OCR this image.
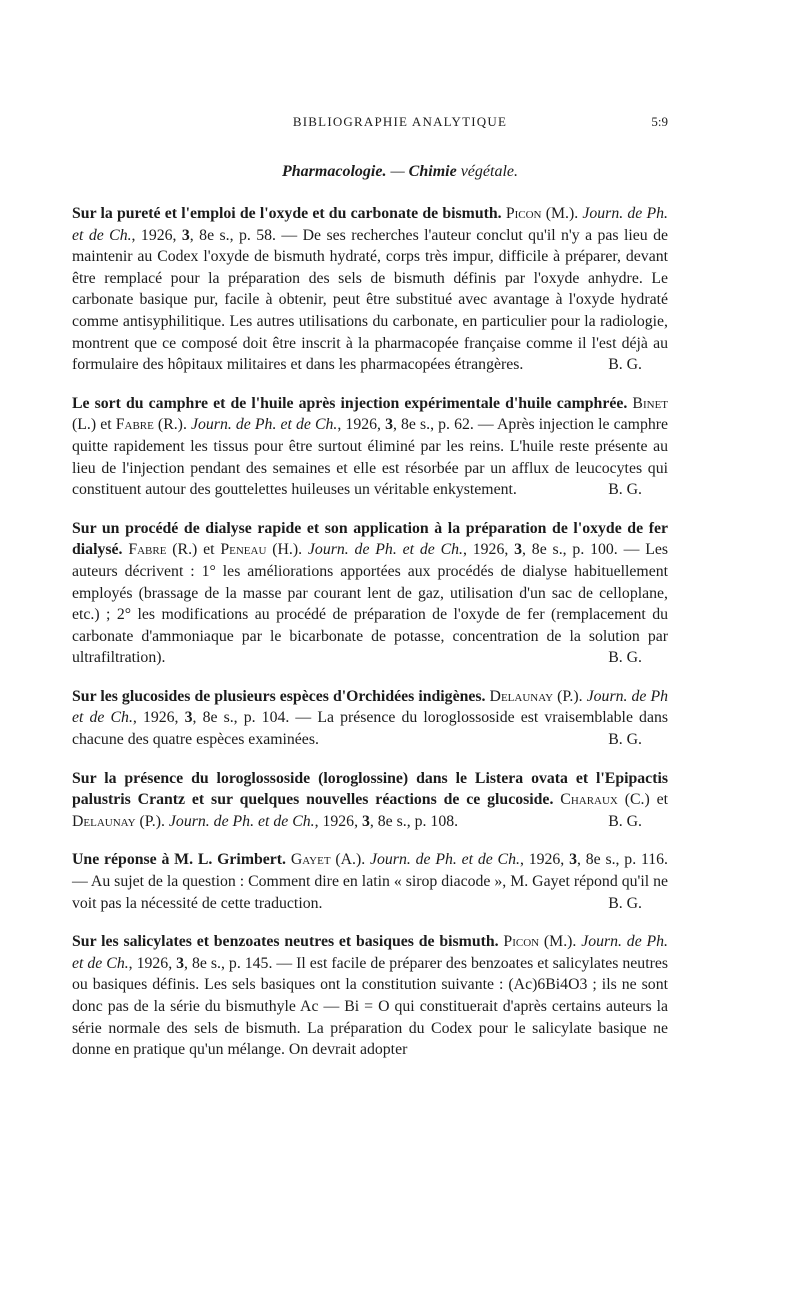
BIBLIOGRAPHIE ANALYTIQUE	5:9
Pharmacologie. — Chimie végétale.

Sur la pureté et l'emploi de l'oxyde et du carbonate de bismuth. Picon (M.). Journ. de Ph. et de Ch., 1926, 3, 8e s., p. 58. — De ses recherches l'auteur conclut qu'il n'y a pas lieu de maintenir au Codex l'oxyde de bismuth hydraté, corps très impur, difficile à préparer, devant être remplacé pour la préparation des sels de bismuth définis par l'oxyde anhydre. Le carbonate basique pur, facile à obtenir, peut être substitué avec avantage à l'oxyde hydraté comme antisyphilitique. Les autres utilisations du carbonate, en particulier pour la radiologie, montrent que ce composé doit être inscrit à la pharmacopée française comme il l'est déjà au formulaire des hôpitaux militaires et dans les pharmacopées étrangères.	B. G.

Le sort du camphre et de l'huile après injection expérimentale d'huile camphrée. Binet (L.) et Fabre (R.). Journ. de Ph. et de Ch., 1926, 3, 8e s., p. 62. — Après injection le camphre quitte rapidement les tissus pour être surtout éliminé par les reins. L'huile reste présente au lieu de l'injection pendant des semaines et elle est résorbée par un afflux de leucocytes qui constituent autour des gouttelettes huileuses un véritable enkystement.	B. G.

Sur un procédé de dialyse rapide et son application à la préparation de l'oxyde de fer dialysé. Fabre (R.) et Peneau (H.). Journ. de Ph. et de Ch., 1926, 3, 8e s., p. 100. — Les auteurs décrivent : 1° les améliorations apportées aux procédés de dialyse habituellement employés (brassage de la masse par courant lent de gaz, utilisation d'un sac de celloplane, etc.) ; 2° les modifications au procédé de préparation de l'oxyde de fer (remplacement du carbonate d'ammoniaque par le bicarbonate de potasse, concentration de la solution par ultrafiltration).	B. G.

Sur les glucosides de plusieurs espèces d'Orchidées indigènes. Delaunay (P.). Journ. de Ph et de Ch., 1926, 3, 8e s., p. 104. — La présence du loroglossoside est vraisemblable dans chacune des quatre espèces examinées.	B. G.

Sur la présence du loroglossoside (loroglossine) dans le Listera ovata et l'Epipactis palustris Crantz et sur quelques nouvelles réactions de ce glucoside. Charaux (C.) et Delaunay (P.). Journ. de Ph. et de Ch., 1926, 3, 8e s., p. 108.	B. G.

Une réponse à M. L. Grimbert. Gayet (A.). Journ. de Ph. et de Ch., 1926, 3, 8e s., p. 116. — Au sujet de la question : Comment dire en latin « sirop diacode », M. Gayet répond qu'il ne voit pas la nécessité de cette traduction.	B. G.

Sur les salicylates et benzoates neutres et basiques de bismuth. Picon (M.). Journ. de Ph. et de Ch., 1926, 3, 8e s., p. 145. — Il est facile de préparer des benzoates et salicylates neutres ou basiques définis. Les sels basiques ont la constitution suivante : (Ac)6Bi4O3 ; ils ne sont donc pas de la série du bismuthyle Ac — Bi = O qui constituerait d'après certains auteurs la série normale des sels de bismuth. La préparation du Codex pour le salicylate basique ne donne en pratique qu'un mélange. On devrait adopter
